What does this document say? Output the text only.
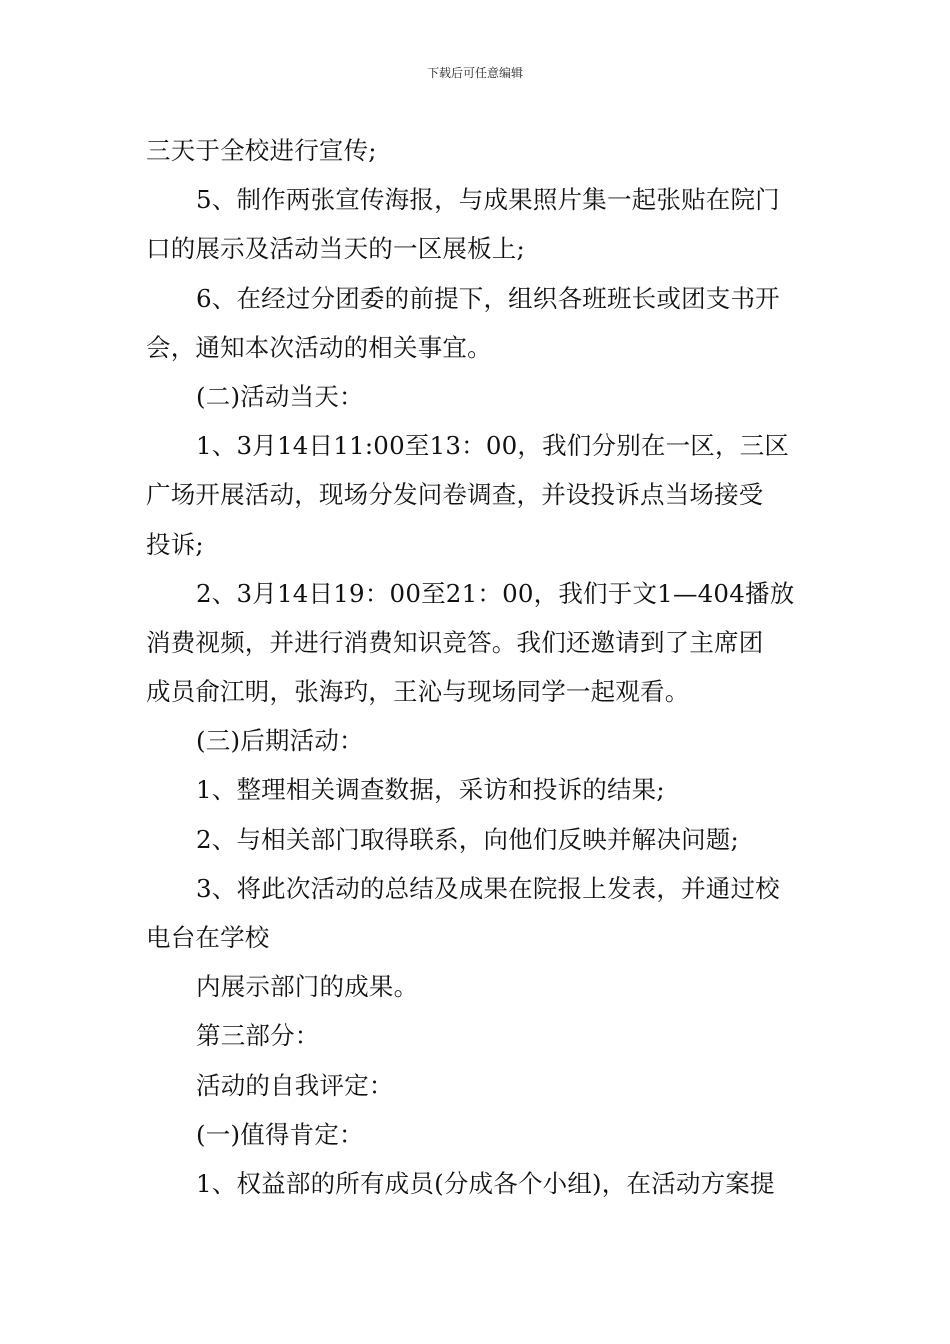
下载后可任意编辑
三天于全校进行宣传;
5、制作两张宣传海报，与成果照片集一起张贴在院门
口的展示及活动当天的一区展板上;
6、在经过分团委的前提下，组织各班班长或团支书开
会，通知本次活动的相关事宜。
(二)活动当天：
1、3月14日11:00至13：00，我们分别在一区，三区
广场开展活动，现场分发问卷调查，并设投诉点当场接受
投诉;
2、3月14日19：00至21：00，我们于文1—404播放
消费视频，并进行消费知识竞答。我们还邀请到了主席团
成员俞江明，张海玓，王沁与现场同学一起观看。
(三)后期活动：
1、整理相关调查数据，采访和投诉的结果;
2、与相关部门取得联系，向他们反映并解决问题;
3、将此次活动的总结及成果在院报上发表，并通过校
电台在学校
内展示部门的成果。
第三部分：
活动的自我评定：
(一)值得肯定：
1、权益部的所有成员(分成各个小组)，在活动方案提
